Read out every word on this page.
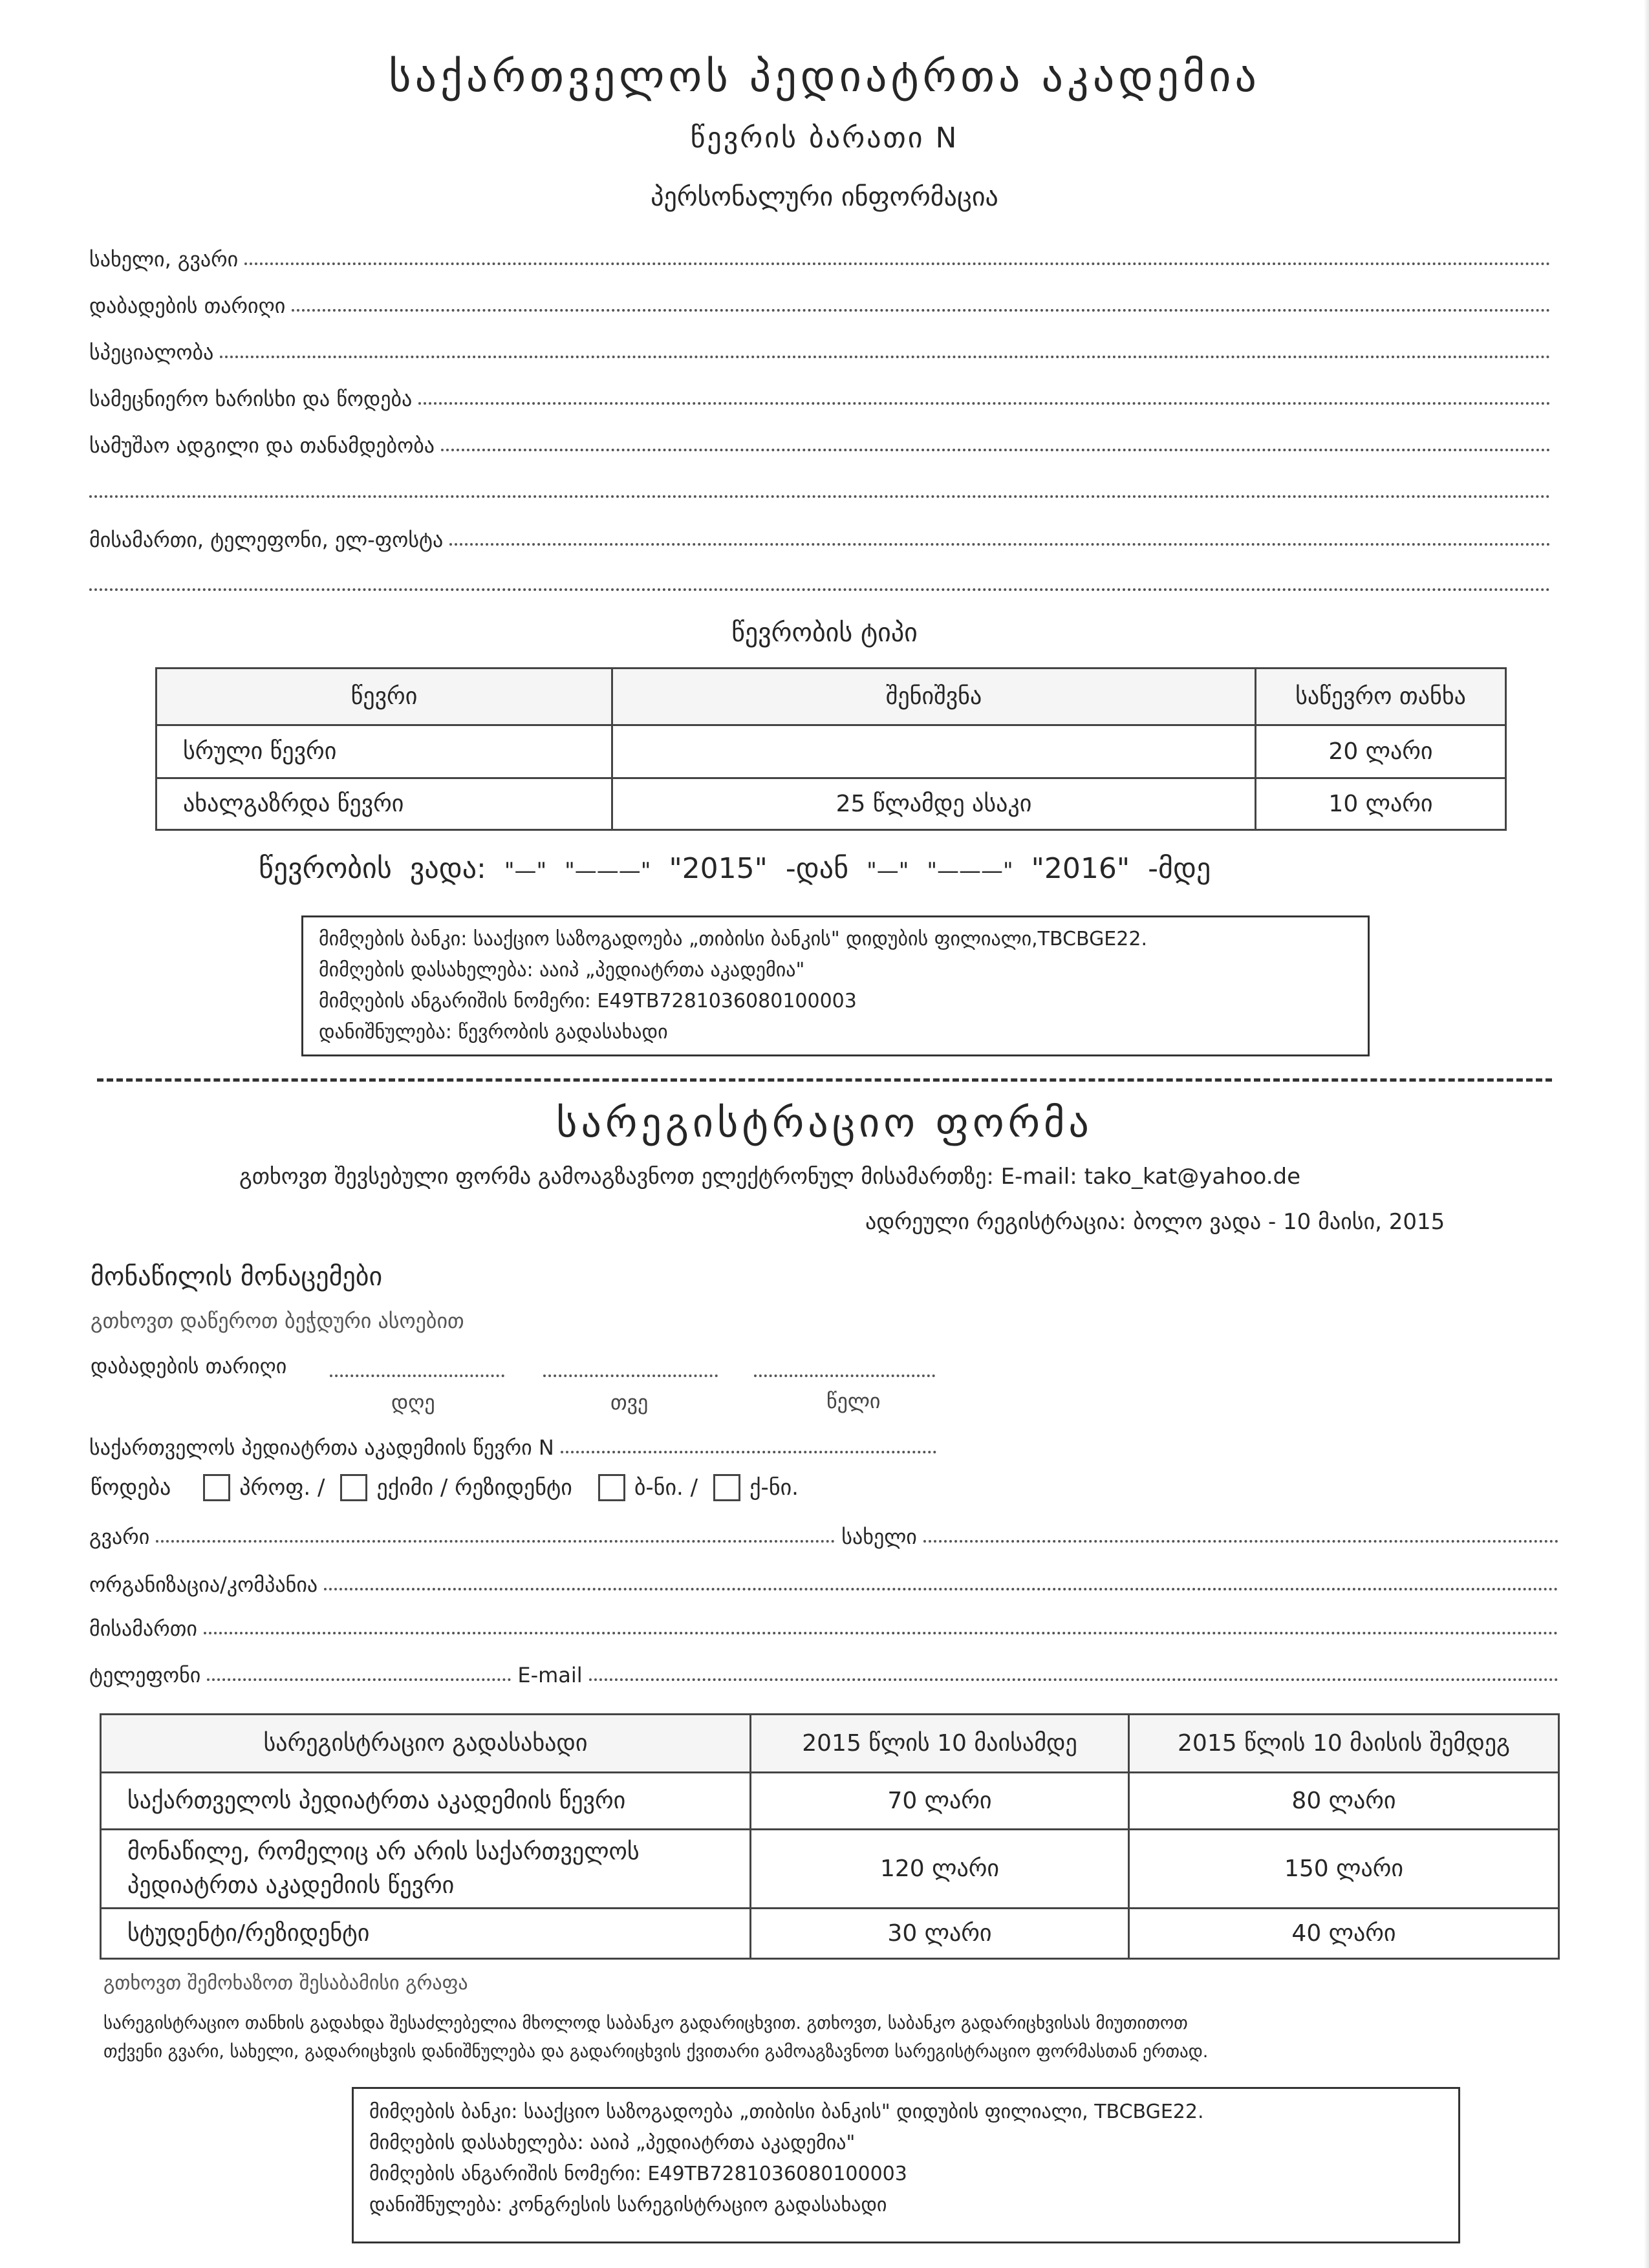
საქართველოს პედიატრთა აკადემია
წევრის ბარათი N
პერსონალური ინფორმაცია
სახელი, გვარი
დაბადების თარიღი
სპეციალობა
სამეცნიერო ხარისხი და წოდება
სამუშაო ადგილი და თანამდებობა
მისამართი, ტელეფონი, ელ-ფოსტა
წევრობის ტიპი
წევრი	შენიშვნა	საწევრო თანხა
სრული წევრი		20 ლარი
ახალგაზრდა წევრი	25 წლამდე ასაკი	10 ლარი
წევრობის ვადა: "—" "———" "2015" -დან "—" "———" "2016" -მდე
მიმღების ბანკი: სააქციო საზოგადოება „თიბისი ბანკის" დიდუბის ფილიალი,TBCBGE22.
მიმღების დასახელება: ააიპ „პედიატრთა აკადემია"
მიმღების ანგარიშის ნომერი: E49TB7281036080100003
დანიშნულება: წევრობის გადასახადი
სარეგისტრაციო ფორმა
გთხოვთ შევსებული ფორმა გამოაგზავნოთ ელექტრონულ მისამართზე: E-mail: tako_kat@yahoo.de
ადრეული რეგისტრაცია: ბოლო ვადა - 10 მაისი, 2015
მონაწილის მონაცემები
გთხოვთ დაწეროთ ბეჭდური ასოებით
დაბადების თარიღი
დღე	თვე	წელი
საქართველოს პედიატრთა აკადემიის წევრი N
წოდება	პროფ. / ექიმი / რეზიდენტი	ბ-ნი. / ქ-ნი.
გვარი	სახელი
ორგანიზაცია/კომპანია
მისამართი
ტელეფონი	E-mail
სარეგისტრაციო გადასახადი	2015 წლის 10 მაისამდე	2015 წლის 10 მაისის შემდეგ
საქართველოს პედიატრთა აკადემიის წევრი	70 ლარი	80 ლარი
მონაწილე, რომელიც არ არის საქართველოს პედიატრთა აკადემიის წევრი	120 ლარი	150 ლარი
სტუდენტი/რეზიდენტი	30 ლარი	40 ლარი
გთხოვთ შემოხაზოთ შესაბამისი გრაფა
სარეგისტრაციო თანხის გადახდა შესაძლებელია მხოლოდ საბანკო გადარიცხვით. გთხოვთ, საბანკო გადარიცხვისას მიუთითოთ
თქვენი გვარი, სახელი, გადარიცხვის დანიშნულება და გადარიცხვის ქვითარი გამოაგზავნოთ სარეგისტრაციო ფორმასთან ერთად.
მიმღების ბანკი: სააქციო საზოგადოება „თიბისი ბანკის" დიდუბის ფილიალი, TBCBGE22.
მიმღების დასახელება: ააიპ „პედიატრთა აკადემია"
მიმღების ანგარიშის ნომერი: E49TB7281036080100003
დანიშნულება: კონგრესის სარეგისტრაციო გადასახადი
